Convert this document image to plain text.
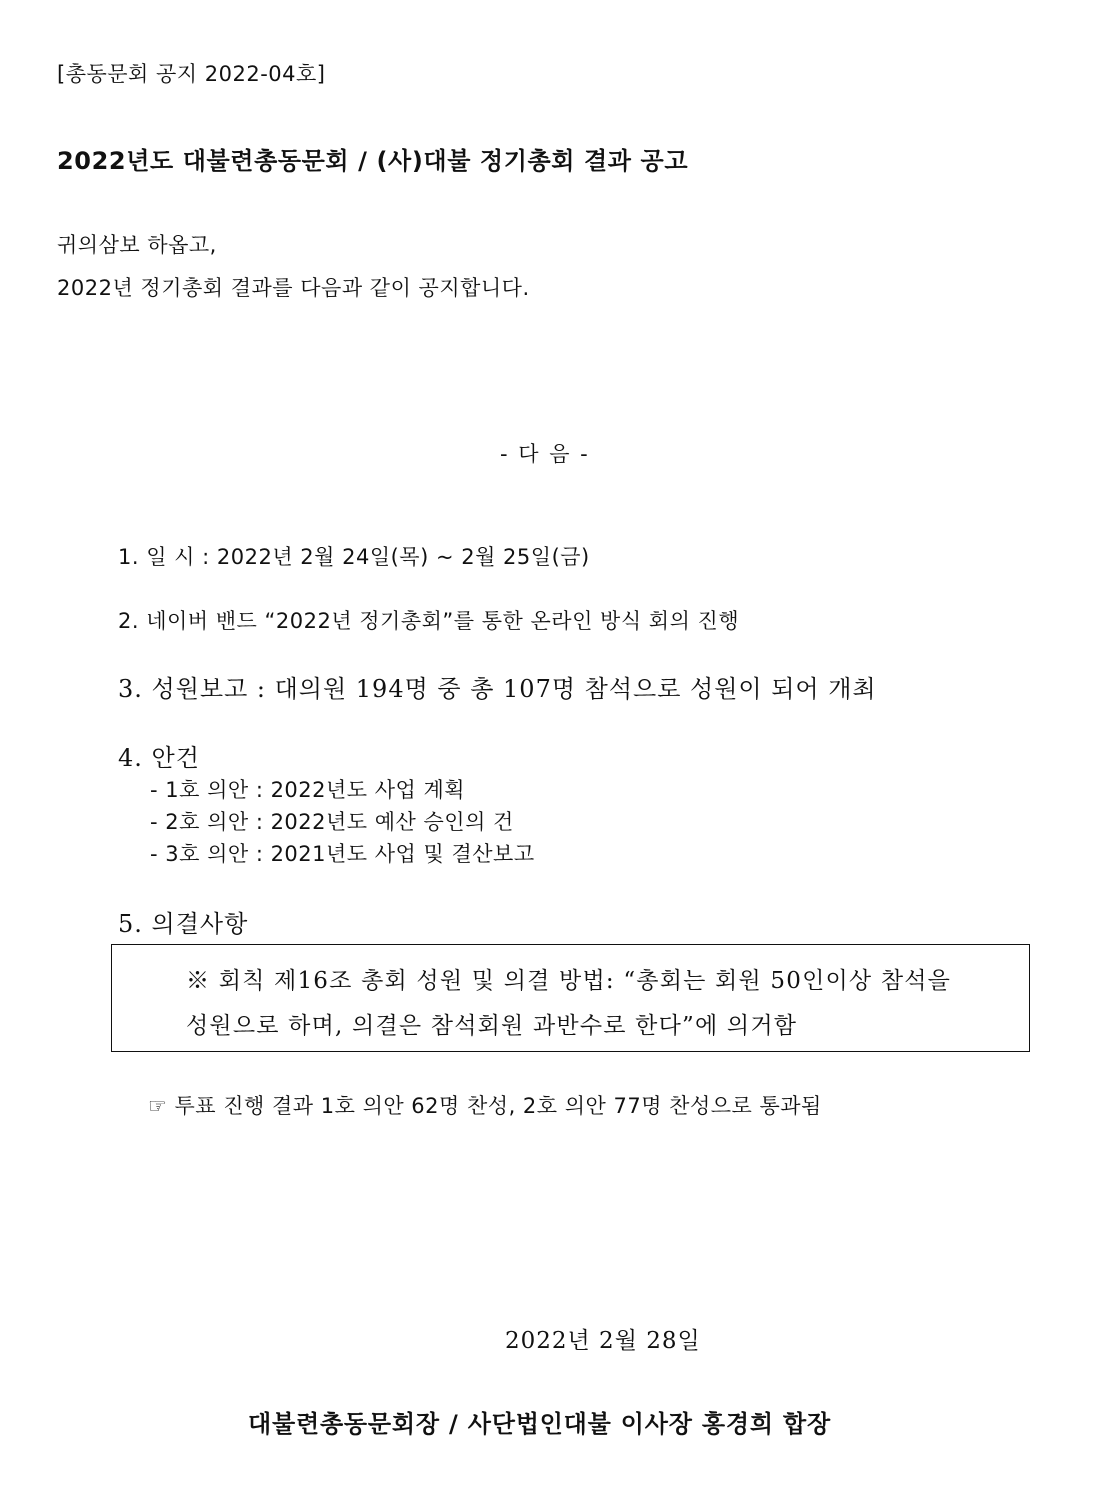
[총동문회 공지 2022-04호]
2022년도 대불련총동문회 / (사)대불 정기총회 결과 공고
귀의삼보 하옵고,
2022년 정기총회 결과를 다음과 같이 공지합니다.
- 다 음 -
1. 일 시 : 2022년 2월 24일(목) ~ 2월 25일(금)
2. 네이버 밴드 “2022년 정기총회”를 통한 온라인 방식 회의 진행
3. 성원보고 : 대의원 194명 중 총 107명 참석으로 성원이 되어 개최
4. 안건
- 1호 의안 : 2022년도 사업 계획
- 2호 의안 : 2022년도 예산 승인의 건
- 3호 의안 : 2021년도 사업 및 결산보고
5. 의결사항
※ 회칙 제16조 총회 성원 및 의결 방법: “총회는 회원 50인이상 참석을
성원으로 하며, 의결은 참석회원 과반수로 한다”에 의거함
☞ 투표 진행 결과 1호 의안 62명 찬성, 2호 의안 77명 찬성으로 통과됨
2022년 2월 28일
대불련총동문회장 / 사단법인대불 이사장 홍경희 합장
